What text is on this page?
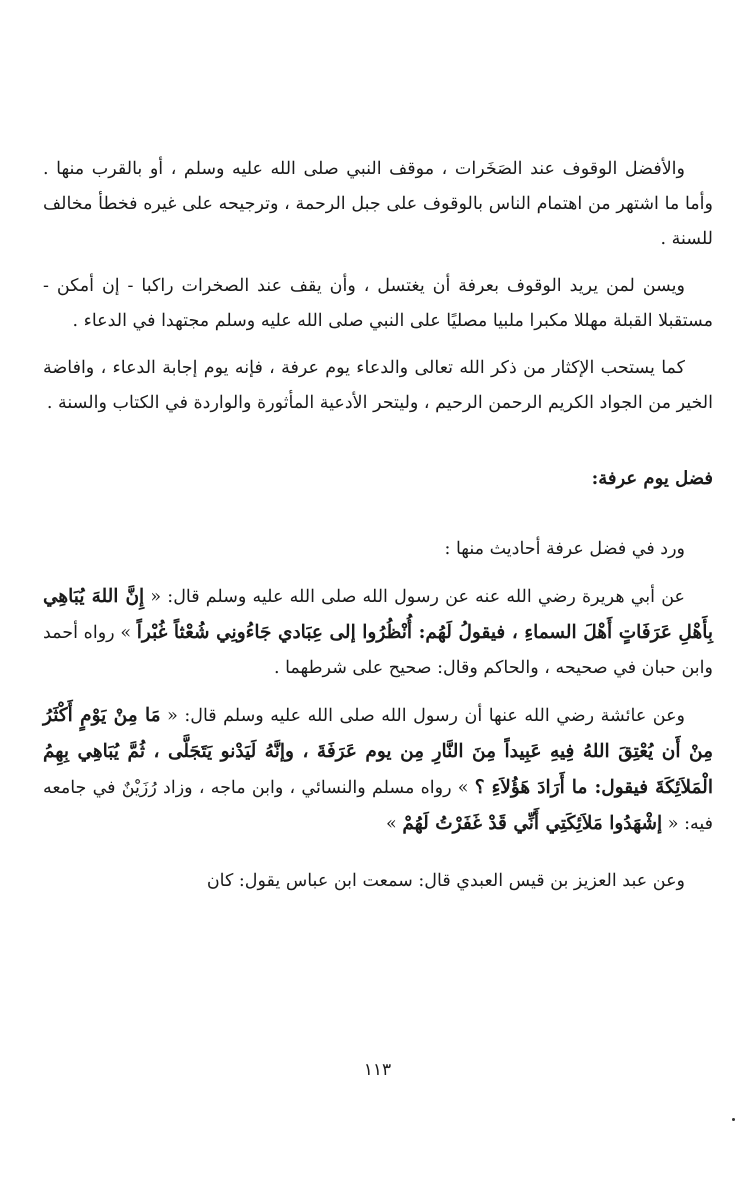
والأفضل الوقوف عند الصَخَرات ، موقف النبي صلى الله عليه وسلم ، أو بالقرب منها . وأما ما اشتهر من اهتمام الناس بالوقوف على جبل الرحمة ، وترجيحه على غيره فخطأ مخالف للسنة .

ويسن لمن يريد الوقوف بعرفة أن يغتسل ، وأن يقف عند الصخرات راكبا - إن أمكن - مستقبلا القبلة مهللا مكبرا ملبيا مصليًا على النبي صلى الله عليه وسلم مجتهدا في الدعاء .

كما يستحب الإكثار من ذكر الله تعالى والدعاء يوم عرفة ، فإنه يوم إجابة الدعاء ، وافاضة الخير من الجواد الكريم الرحمن الرحيم ، وليتحر الأدعية المأثورة والواردة في الكتاب والسنة .

فضل يوم عرفة:

ورد في فضل عرفة أحاديث منها :

عن أبي هريرة رضي الله عنه عن رسول الله صلى الله عليه وسلم قال: « إِنَّ اللهَ يُبَاهِي بِأَهْلِ عَرَفَاتٍ أَهْلَ السماءِ ، فيقولُ لَهُم: أُنْظُرُوا إلى عِبَادي جَاءُونِي شُعْثاً غُبْراً » رواه أحمد وابن حبان في صحيحه ، والحاكم وقال: صحيح على شرطهما .

وعن عائشة رضي الله عنها أن رسول الله صلى الله عليه وسلم قال: « مَا مِنْ يَوْمٍ أَكْثَرُ مِنْ أَن يُعْتِقَ اللهُ فِيهِ عَبِيداً مِنَ النَّارِ مِن يوم عَرَفَةَ ، وإنَّهُ لَيَدْنو يَتَجَلَّى ، ثُمَّ يُبَاهِي بِهِمُ الْمَلاَئِكَةَ فيقول: ما أَرَادَ هَؤُلاَءِ ؟ » رواه مسلم والنسائي ، وابن ماجه ، وزاد رُزَيْنٌ في جامعه فيه: « إشْهَدُوا مَلاَئِكَتِي أَنِّي قَدْ غَفَرْتُ لَهُمْ »

وعن عبد العزيز بن قيس العبدي قال: سمعت ابن عباس يقول: كان

١١٣
